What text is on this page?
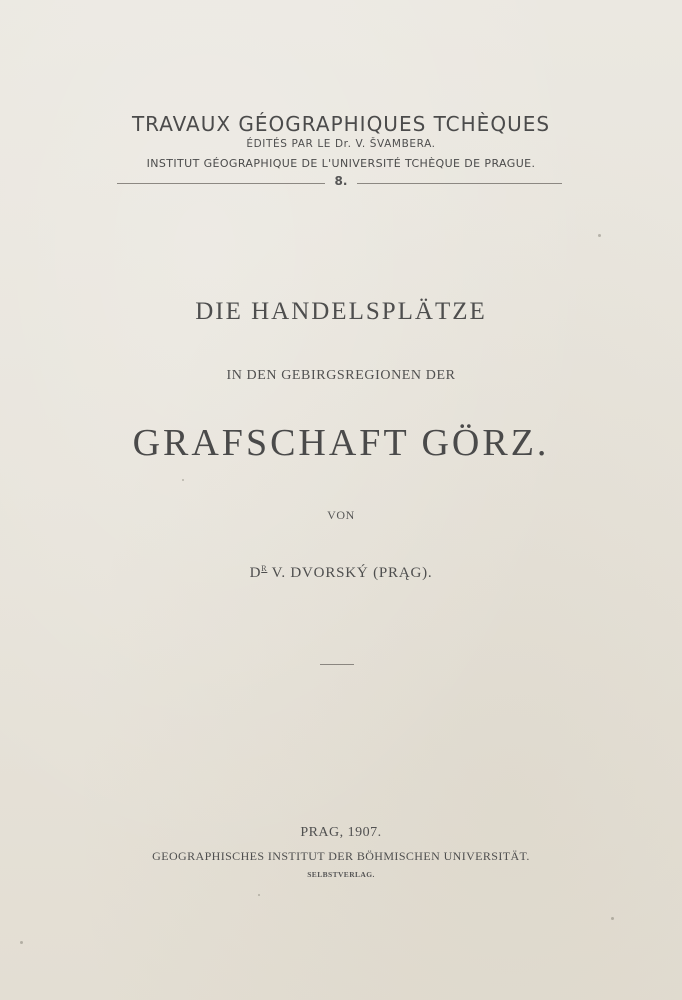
TRAVAUX GÉOGRAPHIQUES TCHÈQUES
ÉDITÉS PAR LE Dr. V. ŠVAMBERA.
INSTITUT GÉOGRAPHIQUE DE L'UNIVERSITÉ TCHÈQUE DE PRAGUE.
8.
DIE HANDELSPLÄTZE
IN DEN GEBIRGSREGIONEN DER
GRAFSCHAFT GÖRZ.
VON
$D^R$ V. DVORSKÝ (PRĄG).
PRAG, 1907.
GEOGRAPHISCHES INSTITUT DER BÖHMISCHEN UNIVERSITÄT.
SELBSTVERLAG.
